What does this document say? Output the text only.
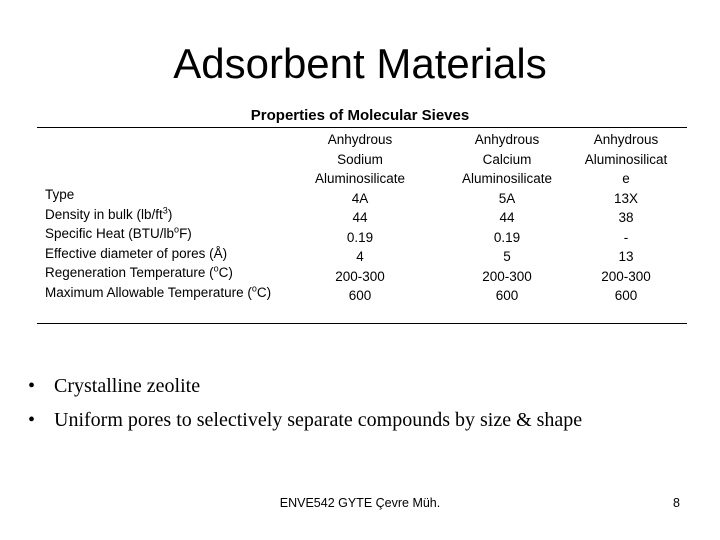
Adsorbent Materials
Properties of Molecular Sieves
Type
Density in bulk $(lb/ft^3)$
Specific Heat $(BTU/lb^oF)$
Effective diameter of pores (Å)
Regeneration Temperature ($^o$C)
Maximum Allowable Temperature ($^o$C)
Anhydrous
Sodium
Aluminosilicate
4A
44
0.19
4
200-300
600
Anhydrous
Calcium
Aluminosilicate
5A
44
0.19
5
200-300
600
Anhydrous
Aluminosilicat
e
13X
38
-
13
200-300
600
• Crystalline zeolite
• Uniform pores to selectively separate compounds by size & shape
ENVE542 GYTE Çevre Müh.	8
